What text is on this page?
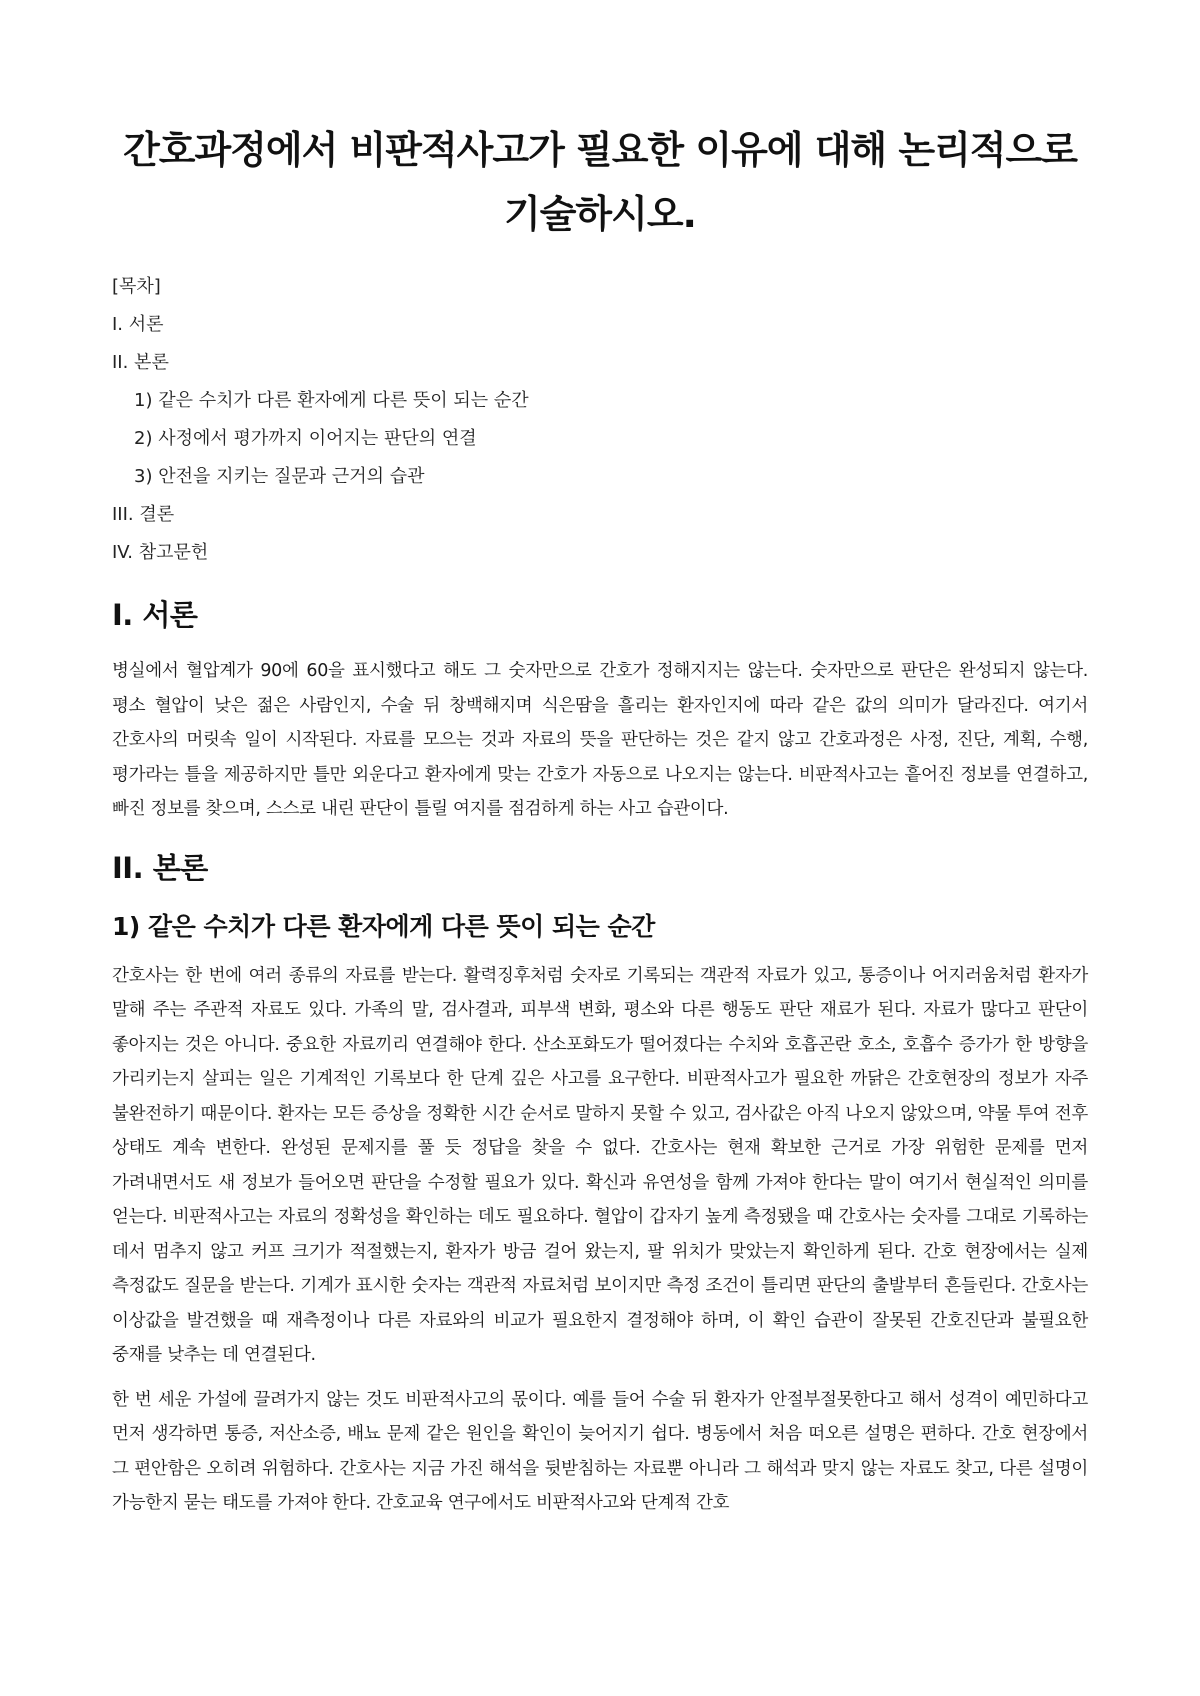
간호과정에서 비판적사고가 필요한 이유에 대해 논리적으로 기술하시오.
[목차]
I. 서론
II. 본론
1) 같은 수치가 다른 환자에게 다른 뜻이 되는 순간
2) 사정에서 평가까지 이어지는 판단의 연결
3) 안전을 지키는 질문과 근거의 습관
III. 결론
IV. 참고문헌
I. 서론

병실에서 혈압계가 90에 60을 표시했다고 해도 그 숫자만으로 간호가 정해지지는 않는다. 숫자만으로 판단은 완성되지 않는다. 평소 혈압이 낮은 젊은 사람인지, 수술 뒤 창백해지며 식은땀을 흘리는 환자인지에 따라 같은 값의 의미가 달라진다. 여기서 간호사의 머릿속 일이 시작된다. 자료를 모으는 것과 자료의 뜻을 판단하는 것은 같지 않고 간호과정은 사정, 진단, 계획, 수행, 평가라는 틀을 제공하지만 틀만 외운다고 환자에게 맞는 간호가 자동으로 나오지는 않는다. 비판적사고는 흩어진 정보를 연결하고, 빠진 정보를 찾으며, 스스로 내린 판단이 틀릴 여지를 점검하게 하는 사고 습관이다.

II. 본론
1) 같은 수치가 다른 환자에게 다른 뜻이 되는 순간

간호사는 한 번에 여러 종류의 자료를 받는다. 활력징후처럼 숫자로 기록되는 객관적 자료가 있고, 통증이나 어지러움처럼 환자가 말해 주는 주관적 자료도 있다. 가족의 말, 검사결과, 피부색 변화, 평소와 다른 행동도 판단 재료가 된다. 자료가 많다고 판단이 좋아지는 것은 아니다. 중요한 자료끼리 연결해야 한다. 산소포화도가 떨어졌다는 수치와 호흡곤란 호소, 호흡수 증가가 한 방향을 가리키는지 살피는 일은 기계적인 기록보다 한 단계 깊은 사고를 요구한다. 비판적사고가 필요한 까닭은 간호현장의 정보가 자주 불완전하기 때문이다. 환자는 모든 증상을 정확한 시간 순서로 말하지 못할 수 있고, 검사값은 아직 나오지 않았으며, 약물 투여 전후 상태도 계속 변한다. 완성된 문제지를 풀 듯 정답을 찾을 수 없다. 간호사는 현재 확보한 근거로 가장 위험한 문제를 먼저 가려내면서도 새 정보가 들어오면 판단을 수정할 필요가 있다. 확신과 유연성을 함께 가져야 한다는 말이 여기서 현실적인 의미를 얻는다. 비판적사고는 자료의 정확성을 확인하는 데도 필요하다. 혈압이 갑자기 높게 측정됐을 때 간호사는 숫자를 그대로 기록하는 데서 멈추지 않고 커프 크기가 적절했는지, 환자가 방금 걸어 왔는지, 팔 위치가 맞았는지 확인하게 된다. 간호 현장에서는 실제 측정값도 질문을 받는다. 기계가 표시한 숫자는 객관적 자료처럼 보이지만 측정 조건이 틀리면 판단의 출발부터 흔들린다. 간호사는 이상값을 발견했을 때 재측정이나 다른 자료와의 비교가 필요한지 결정해야 하며, 이 확인 습관이 잘못된 간호진단과 불필요한 중재를 낮추는 데 연결된다.

한 번 세운 가설에 끌려가지 않는 것도 비판적사고의 몫이다. 예를 들어 수술 뒤 환자가 안절부절못한다고 해서 성격이 예민하다고 먼저 생각하면 통증, 저산소증, 배뇨 문제 같은 원인을 확인이 늦어지기 쉽다. 병동에서 처음 떠오른 설명은 편하다. 간호 현장에서 그 편안함은 오히려 위험하다. 간호사는 지금 가진 해석을 뒷받침하는 자료뿐 아니라 그 해석과 맞지 않는 자료도 찾고, 다른 설명이 가능한지 묻는 태도를 가져야 한다. 간호교육 연구에서도 비판적사고와 단계적 간호
